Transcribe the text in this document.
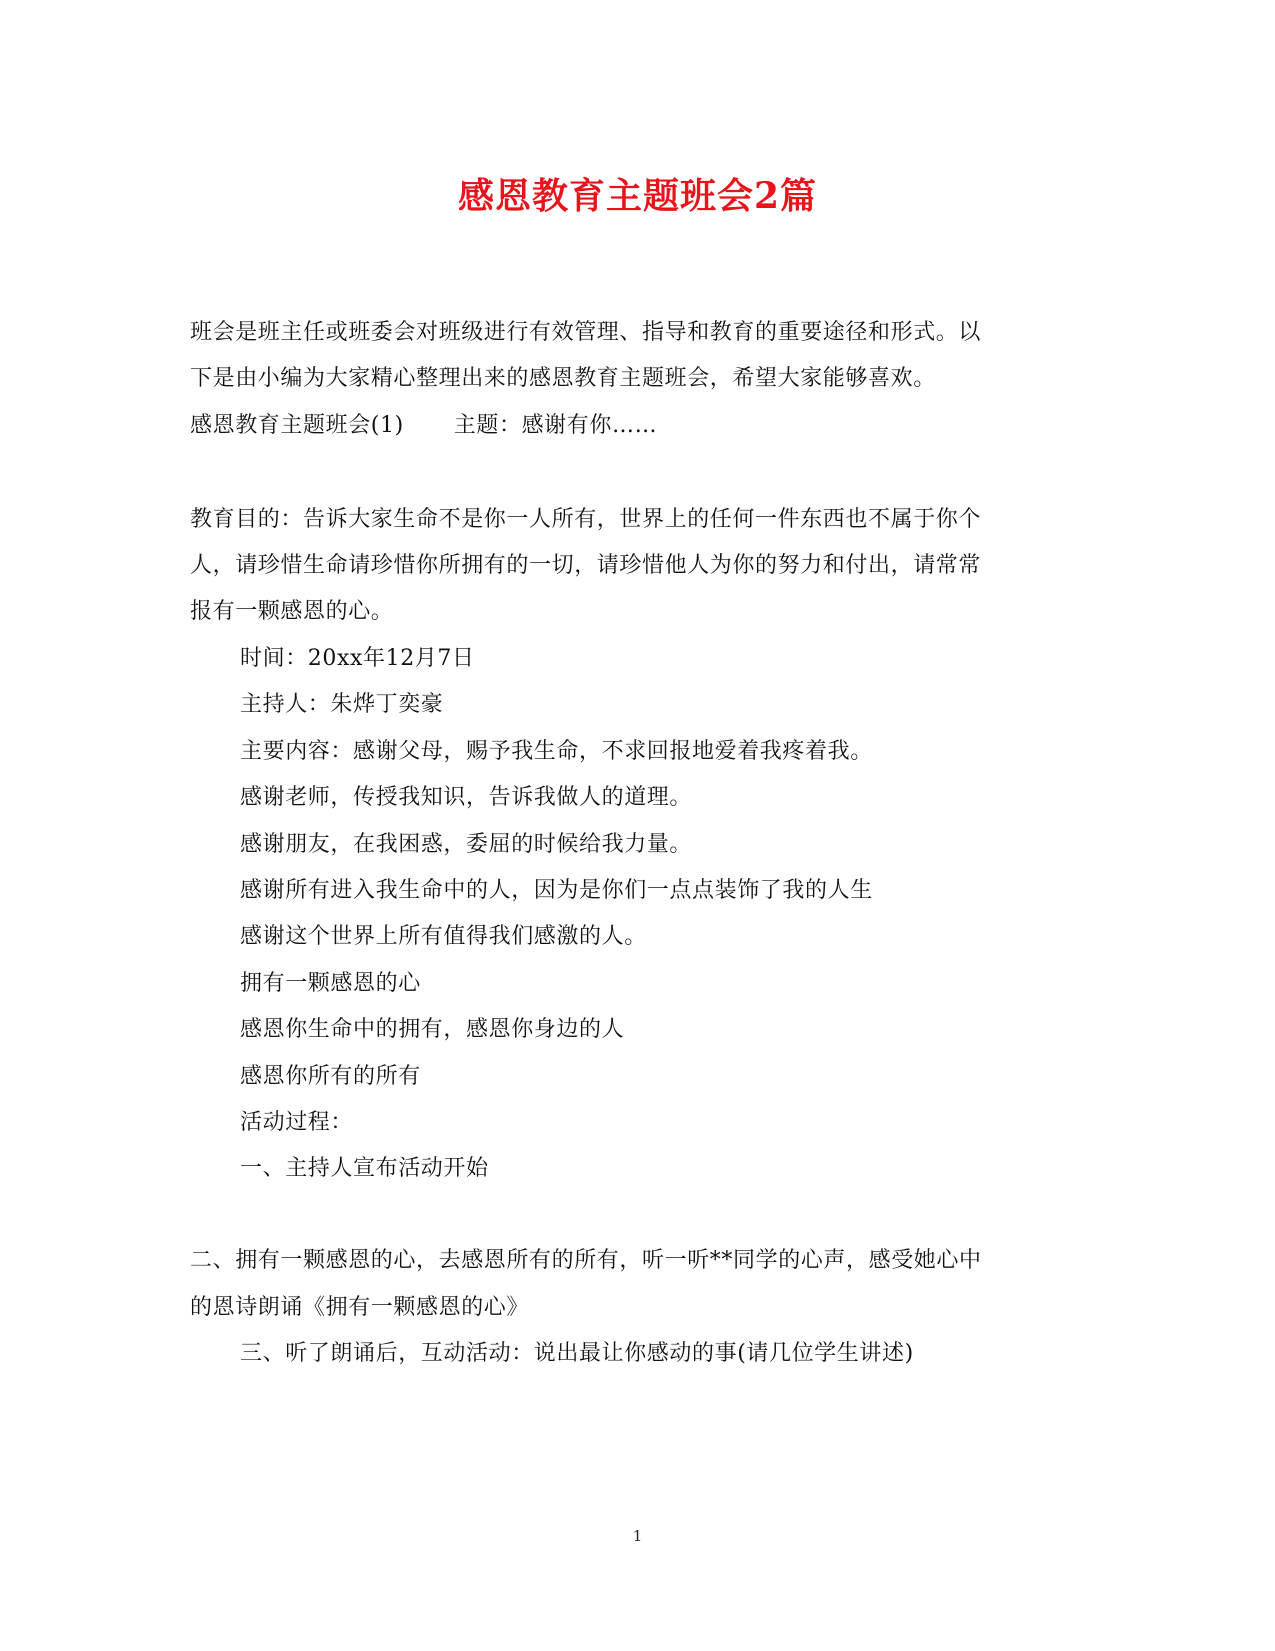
感恩教育主题班会2篇
班会是班主任或班委会对班级进行有效管理、指导和教育的重要途径和形式。以
下是由小编为大家精心整理出来的感恩教育主题班会，希望大家能够喜欢。
感恩教育主题班会(1) 主题：感谢有你……
教育目的：告诉大家生命不是你一人所有，世界上的任何一件东西也不属于你个
人，请珍惜生命请珍惜你所拥有的一切，请珍惜他人为你的努力和付出，请常常
报有一颗感恩的心。
时间：20xx年12月7日
主持人：朱烨丁奕豪
主要内容：感谢父母，赐予我生命，不求回报地爱着我疼着我。
感谢老师，传授我知识，告诉我做人的道理。
感谢朋友，在我困惑，委屈的时候给我力量。
感谢所有进入我生命中的人，因为是你们一点点装饰了我的人生
感谢这个世界上所有值得我们感激的人。
拥有一颗感恩的心
感恩你生命中的拥有，感恩你身边的人
感恩你所有的所有
活动过程：
一、主持人宣布活动开始
二、拥有一颗感恩的心，去感恩所有的所有，听一听**同学的心声，感受她心中
的恩诗朗诵《拥有一颗感恩的心》
三、听了朗诵后，互动活动：说出最让你感动的事(请几位学生讲述)
1
